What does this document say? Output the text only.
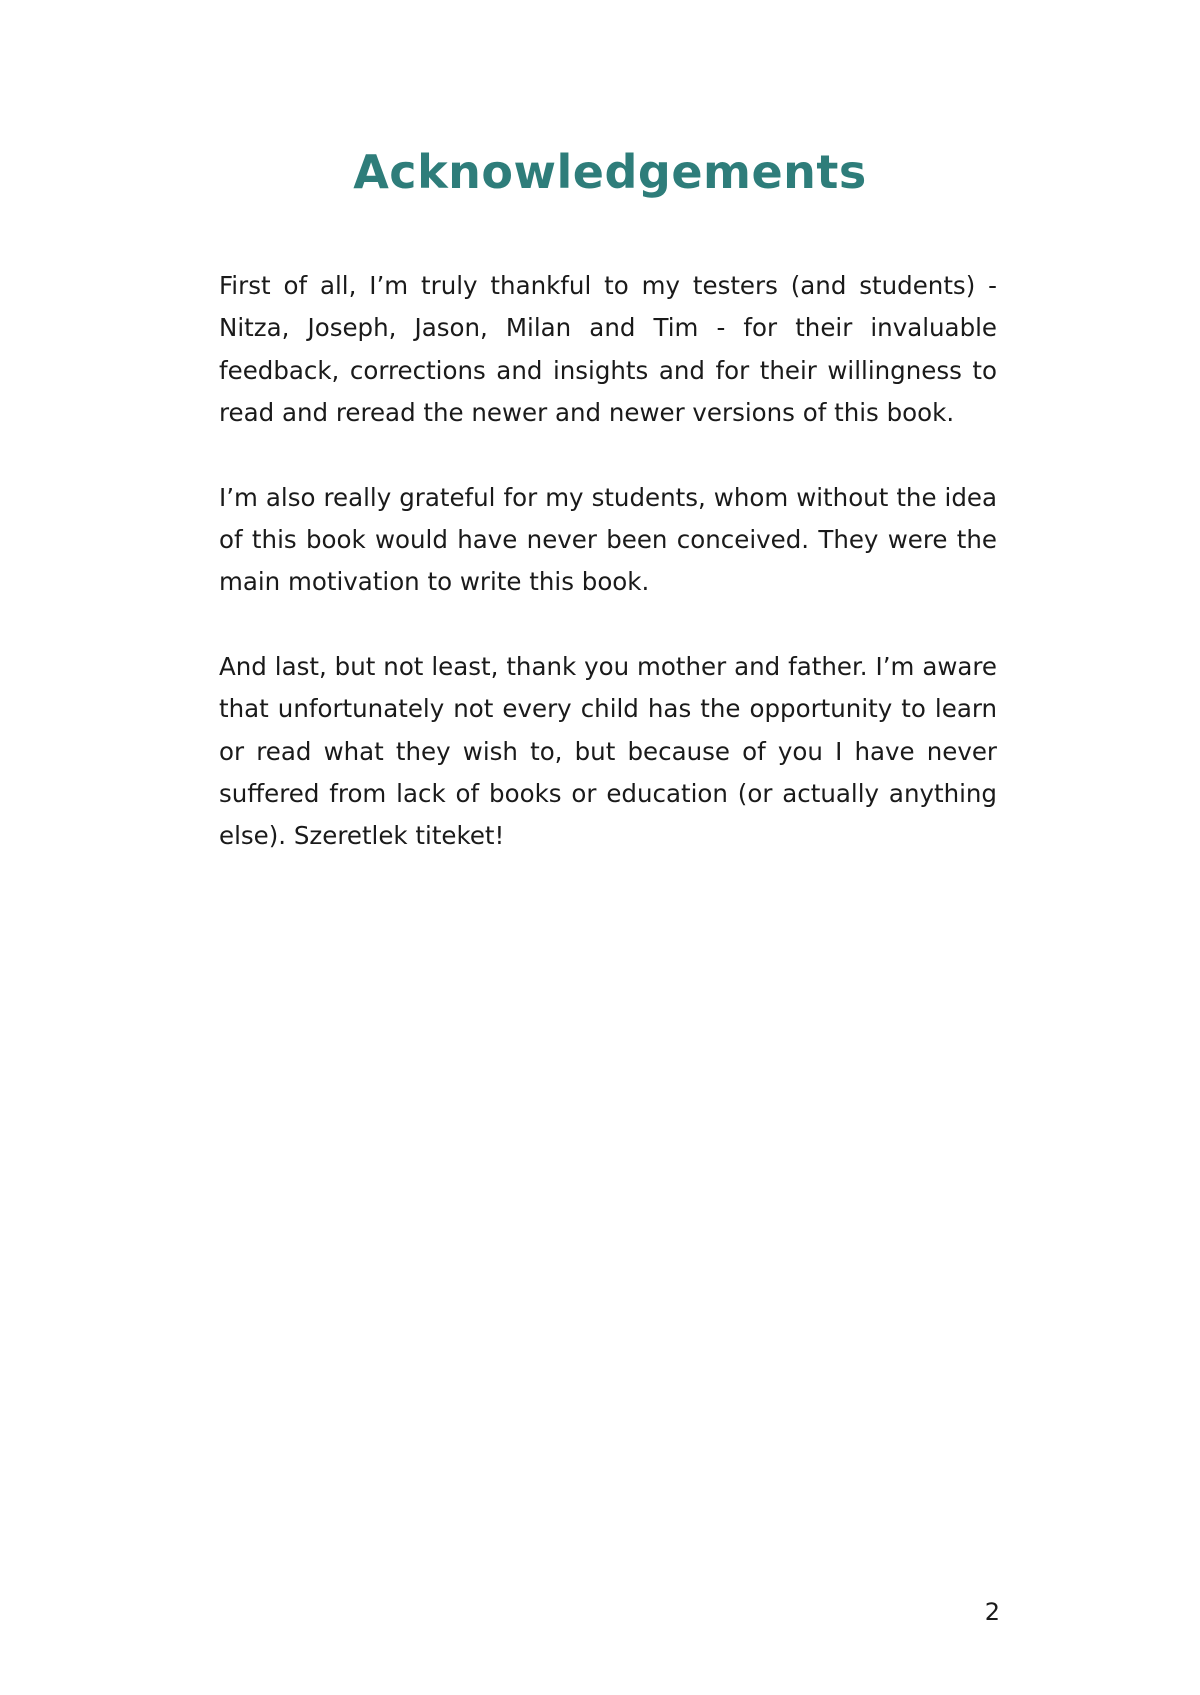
Acknowledgements

First of all, I’m truly thankful to my testers (and students) - Nitza, Joseph, Jason, Milan and Tim - for their invaluable feedback, corrections and insights and for their willingness to read and reread the newer and newer versions of this book.

I’m also really grateful for my students, whom without the idea of this book would have never been conceived. They were the main motivation to write this book.

And last, but not least, thank you mother and father. I’m aware that unfortunately not every child has the opportunity to learn or read what they wish to, but because of you I have never suffered from lack of books or education (or actually anything else). Szeretlek titeket!

2
